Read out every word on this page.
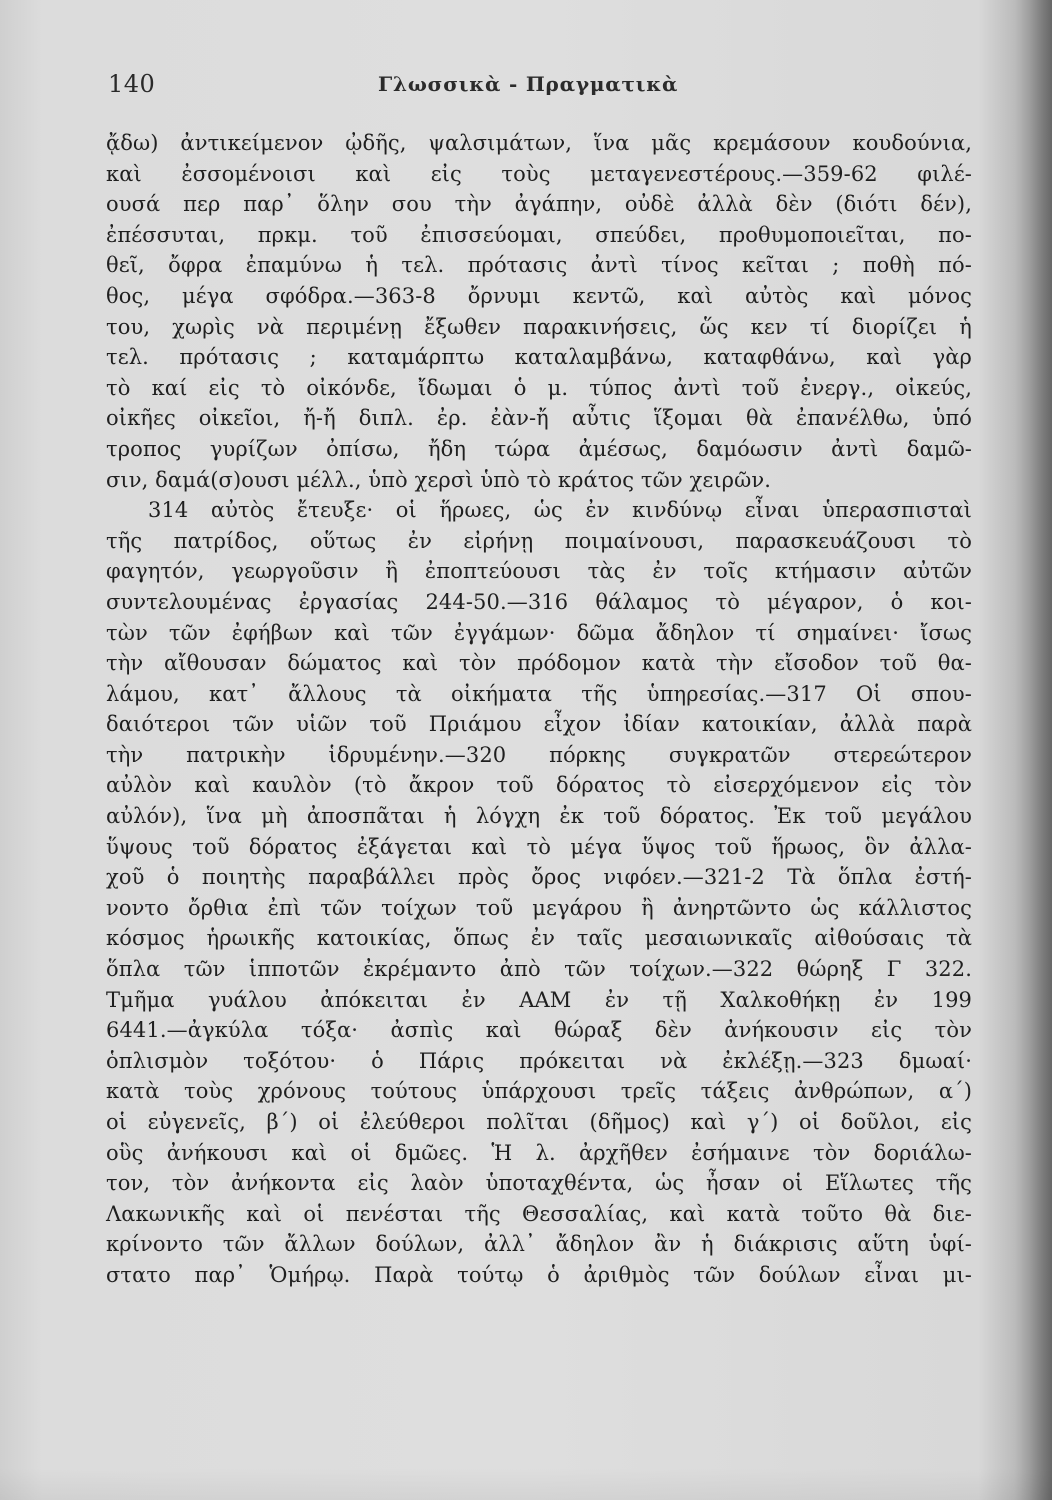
140	Γλωσσικὰ - Πραγματικὰ
ᾄδω) ἀντικείμενον ᾠδῆς, ψαλσιμάτων, ἵνα μᾶς κρεμάσουν κουδούνια,
καὶ ἐσσομένοισι καὶ εἰς τοὺς μεταγενεστέρους.—359-62 φιλέ-
ουσά περ παρ᾽ ὅλην σου τὴν ἀγάπην, οὐδὲ ἀλλὰ δὲν (διότι δέν),
ἐπέσσυται, πρκμ. τοῦ ἐπισσεύομαι, σπεύδει, προθυμοποιεῖται, πο-
θεῖ, ὄφρα ἐπαμύνω ἡ τελ. πρότασις ἀντὶ τίνος κεῖται ; ποθὴ πό-
θος, μέγα σφόδρα.—363-8 ὄρνυμι κεντῶ, καὶ αὐτὸς καὶ μόνος
του, χωρὶς νὰ περιμένῃ ἔξωθεν παρακινήσεις, ὥς κεν τί διορίζει ἡ
τελ. πρότασις ; καταμάρπτω καταλαμβάνω, καταφθάνω, καὶ γὰρ
τὸ καί εἰς τὸ οἰκόνδε, ἴδωμαι ὁ μ. τύπος ἀντὶ τοῦ ἐνεργ., οἰκεύς,
οἰκῆες οἰκεῖοι, ἤ-ἤ διπλ. ἐρ. ἐὰν-ἤ αὖτις ἵξομαι θὰ ἐπανέλθω, ὑπό
τροπος γυρίζων ὀπίσω, ἤδη τώρα ἀμέσως, δαμόωσιν ἀντὶ δαμῶ-
σιν, δαμά(σ)ουσι μέλλ., ὑπὸ χερσὶ ὑπὸ τὸ κράτος τῶν χειρῶν.
314 αὐτὸς ἔτευξε· οἱ ἥρωες, ὡς ἐν κινδύνῳ εἶναι ὑπερασπισταὶ
τῆς πατρίδος, οὕτως ἐν εἰρήνῃ ποιμαίνουσι, παρασκευάζουσι τὸ
φαγητόν, γεωργοῦσιν ἢ ἐποπτεύουσι τὰς ἐν τοῖς κτήμασιν αὐτῶν
συντελουμένας ἐργασίας 244-50.—316 θάλαμος τὸ μέγαρον, ὁ κοι-
τὼν τῶν ἐφήβων καὶ τῶν ἐγγάμων· δῶμα ἄδηλον τί σημαίνει· ἴσως
τὴν αἴθουσαν δώματος καὶ τὸν πρόδομον κατὰ τὴν εἴσοδον τοῦ θα-
λάμου, κατ᾽ ἄλλους τὰ οἰκήματα τῆς ὑπηρεσίας.—317 Οἱ σπου-
δαιότεροι τῶν υἱῶν τοῦ Πριάμου εἶχον ἰδίαν κατοικίαν, ἀλλὰ παρὰ
τὴν πατρικὴν ἱδρυμένην.—320 πόρκης συγκρατῶν στερεώτερον
αὐλὸν καὶ καυλὸν (τὸ ἄκρον τοῦ δόρατος τὸ εἰσερχόμενον εἰς τὸν
αὐλόν), ἵνα μὴ ἀποσπᾶται ἡ λόγχη ἐκ τοῦ δόρατος. Ἐκ τοῦ μεγάλου
ὕψους τοῦ δόρατος ἐξάγεται καὶ τὸ μέγα ὕψος τοῦ ἥρωος, ὃν ἀλλα-
χοῦ ὁ ποιητὴς παραβάλλει πρὸς ὄρος νιφόεν.—321-2 Τὰ ὅπλα ἐστή-
νοντο ὄρθια ἐπὶ τῶν τοίχων τοῦ μεγάρου ἢ ἀνηρτῶντο ὡς κάλλιστος
κόσμος ἡρωικῆς κατοικίας, ὅπως ἐν ταῖς μεσαιωνικαῖς αἰθούσαις τὰ
ὅπλα τῶν ἱπποτῶν ἐκρέμαντο ἀπὸ τῶν τοίχων.—322 θώρηξ Γ 322.
Τμῆμα γυάλου ἀπόκειται ἐν ΑΑΜ ἐν τῇ Χαλκοθήκῃ ἐν 199
6441.—ἀγκύλα τόξα· ἀσπὶς καὶ θώραξ δὲν ἀνήκουσιν εἰς τὸν
ὁπλισμὸν τοξότου· ὁ Πάρις πρόκειται νὰ ἐκλέξῃ.—323 δμωαί·
κατὰ τοὺς χρόνους τούτους ὑπάρχουσι τρεῖς τάξεις ἀνθρώπων, α΄)
οἱ εὐγενεῖς, β΄) οἱ ἐλεύθεροι πολῖται (δῆμος) καὶ γ΄) οἱ δοῦλοι, εἰς
οὓς ἀνήκουσι καὶ οἱ δμῶες. Ἡ λ. ἀρχῆθεν ἐσήμαινε τὸν δοριάλω-
τον, τὸν ἀνήκοντα εἰς λαὸν ὑποταχθέντα, ὡς ἦσαν οἱ Εἵλωτες τῆς
Λακωνικῆς καὶ οἱ πενέσται τῆς Θεσσαλίας, καὶ κατὰ τοῦτο θὰ διε-
κρίνοντο τῶν ἄλλων δούλων, ἀλλ᾽ ἄδηλον ἂν ἡ διάκρισις αὕτη ὑφί-
στατο παρ᾽ Ὁμήρῳ. Παρὰ τούτῳ ὁ ἀριθμὸς τῶν δούλων εἶναι μι-
